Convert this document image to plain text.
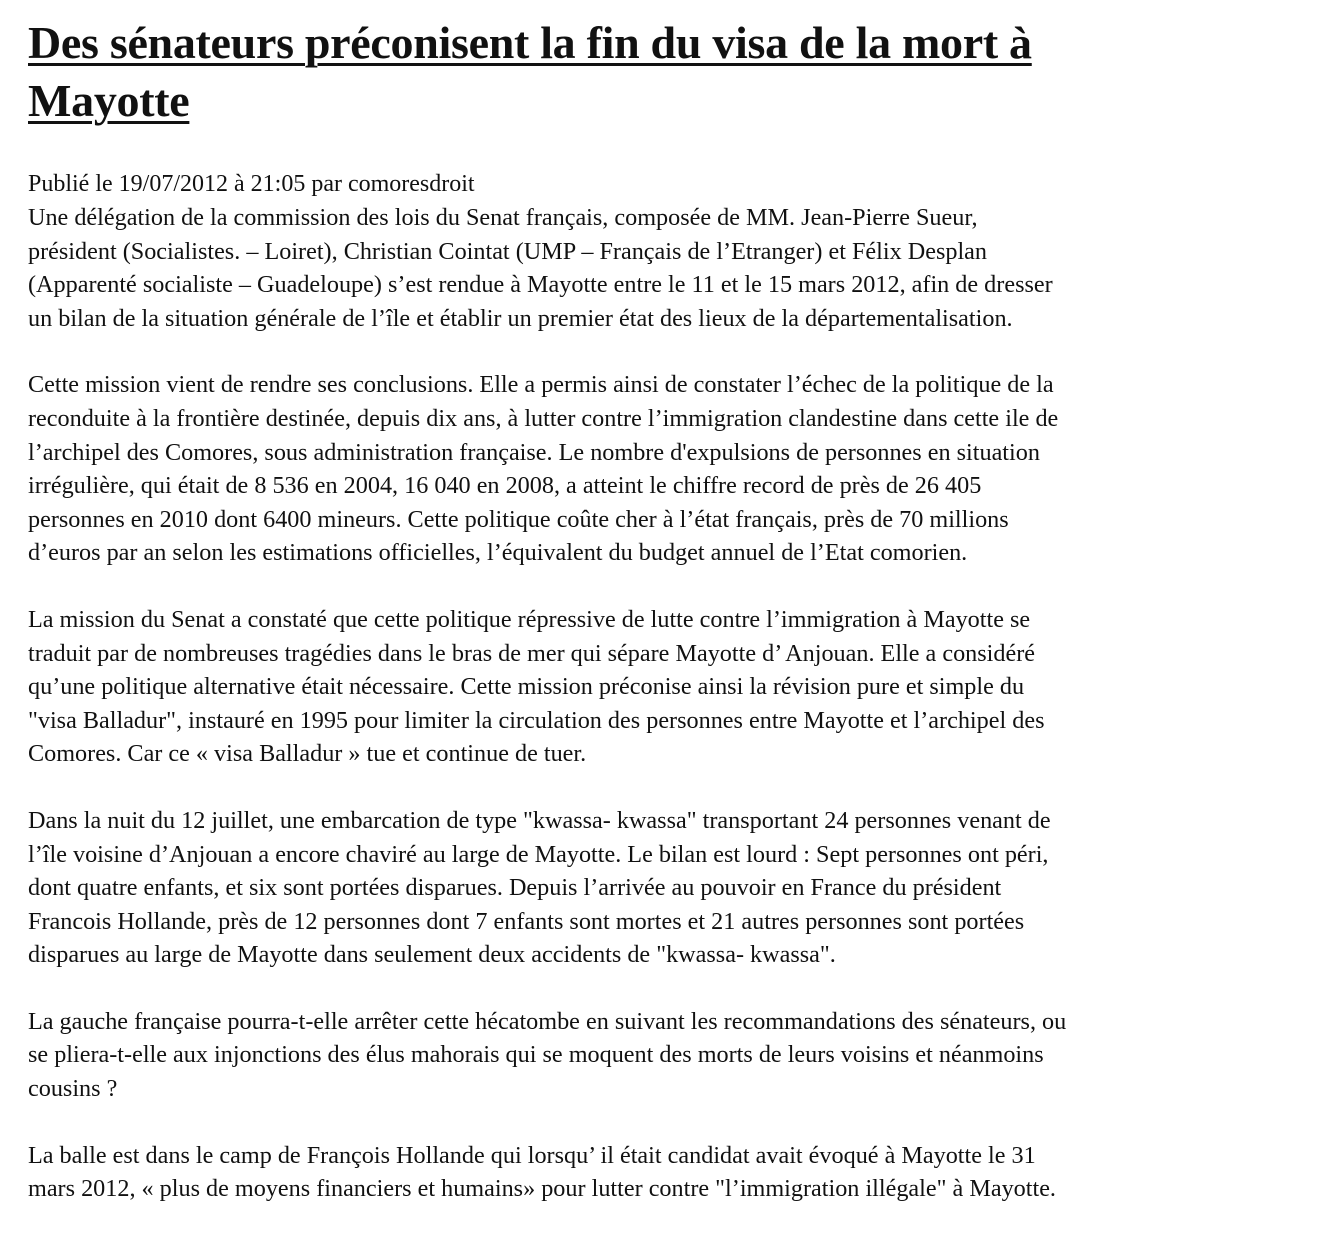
Des sénateurs préconisent la fin du visa de la mort à
Mayotte

Publié le 19/07/2012 à 21:05 par comoresdroit

Une délégation de la commission des lois du Senat français, composée de MM. Jean-Pierre Sueur,
président (Socialistes. – Loiret), Christian Cointat (UMP – Français de l’Etranger) et Félix Desplan
(Apparenté socialiste – Guadeloupe) s’est rendue à Mayotte entre le 11 et le 15 mars 2012, afin de dresser
un bilan de la situation générale de l’île et établir un premier état des lieux de la départementalisation.

Cette mission vient de rendre ses conclusions. Elle a permis ainsi de constater l’échec de la politique de la
reconduite à la frontière destinée, depuis dix ans, à lutter contre l’immigration clandestine dans cette ile de
l’archipel des Comores, sous administration française. Le nombre d'expulsions de personnes en situation
irrégulière, qui était de 8 536 en 2004, 16 040 en 2008, a atteint le chiffre record de près de 26 405
personnes en 2010 dont 6400 mineurs. Cette politique coûte cher à l’état français, près de 70 millions
d’euros par an selon les estimations officielles, l’équivalent du budget annuel de l’Etat comorien.

La mission du Senat a constaté que cette politique répressive de lutte contre l’immigration à Mayotte se
traduit par de nombreuses tragédies dans le bras de mer qui sépare Mayotte d’ Anjouan. Elle a considéré
qu’une politique alternative était nécessaire. Cette mission préconise ainsi la révision pure et simple du
"visa Balladur", instauré en 1995 pour limiter la circulation des personnes entre Mayotte et l’archipel des
Comores. Car ce « visa Balladur » tue et continue de tuer.

Dans la nuit du 12 juillet, une embarcation de type "kwassa- kwassa" transportant 24 personnes venant de
l’île voisine d’Anjouan a encore chaviré au large de Mayotte. Le bilan est lourd : Sept personnes ont péri,
dont quatre enfants, et six sont portées disparues. Depuis l’arrivée au pouvoir en France du président
Francois Hollande, près de 12 personnes dont 7 enfants sont mortes et 21 autres personnes sont portées
disparues au large de Mayotte dans seulement deux accidents de "kwassa- kwassa".

La gauche française pourra-t-elle arrêter cette hécatombe en suivant les recommandations des sénateurs, ou
se pliera-t-elle aux injonctions des élus mahorais qui se moquent des morts de leurs voisins et néanmoins
cousins ?

La balle est dans le camp de François Hollande qui lorsqu’ il était candidat avait évoqué à Mayotte le 31
mars 2012, « plus de moyens financiers et humains» pour lutter contre "l’immigration illégale" à Mayotte.
